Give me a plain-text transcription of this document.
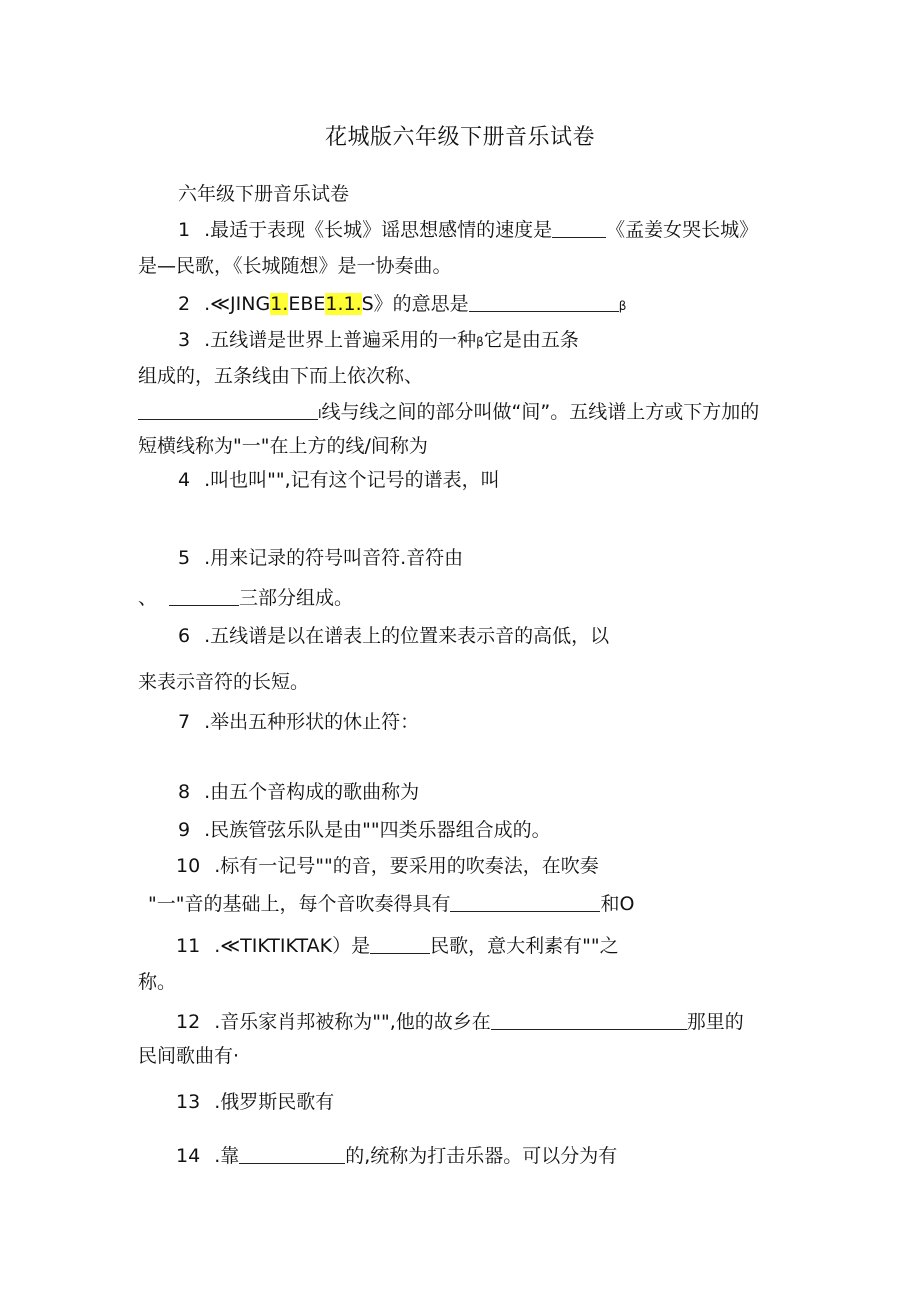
花城版六年级下册音乐试卷
六年级下册音乐试卷
1 .最适于表现《长城》谣思想感情的速度是	《孟姜女哭长城》
是—民歌，《长城随想》是一协奏曲。
2 .≪JING1.EBE1.1.S》的意思是	β
3 .五线谱是世界上普遍采用的一种β它是由五条
组成的，五条线由下而上依次称、
I线与线之间的部分叫做“间”。五线谱上方或下方加的
短横线称为"一"在上方的线/间称为
4 .叫也叫"",记有这个记号的谱表，叫
5 .用来记录的符号叫音符.音符由
、	三部分组成。
6 .五线谱是以在谱表上的位置来表示音的高低，以
来表示音符的长短。
7 .举出五种形状的休止符：
8 .由五个音构成的歌曲称为
9 .民族管弦乐队是由""四类乐器组合成的。
10 .标有一记号""的音，要采用的吹奏法，在吹奏
"一"音的基础上，每个音吹奏得具有	和O
11 .≪TIKTIKTAK）是	民歌，意大利素有""之
称。
12 .音乐家肖邦被称为"",他的故乡在	那里的
民间歌曲有·
13 .俄罗斯民歌有
14 .靠	的,统称为打击乐器。可以分为有
